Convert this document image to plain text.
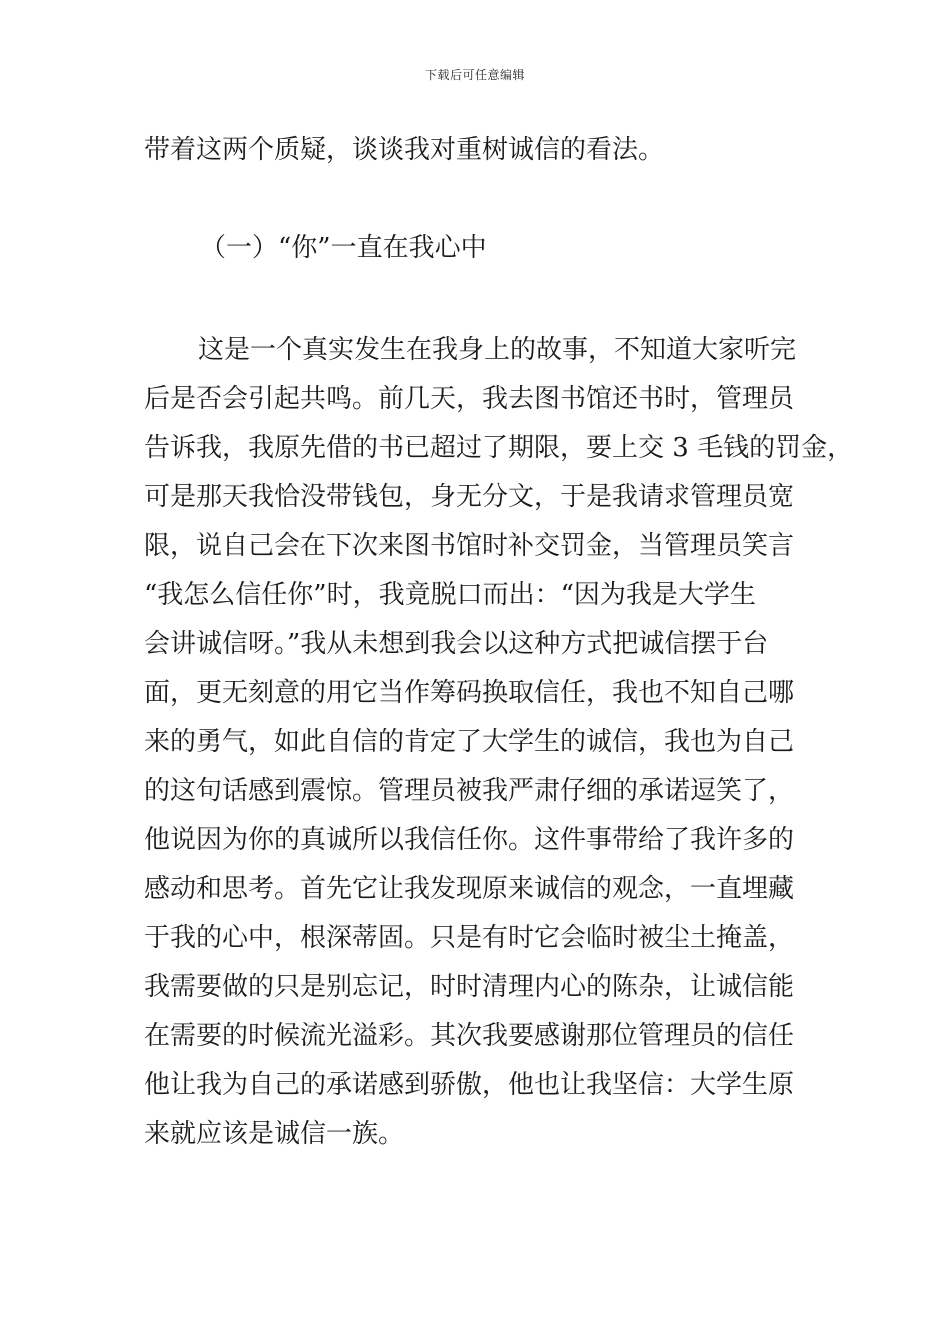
下载后可任意编辑
带着这两个质疑，谈谈我对重树诚信的看法。
（一）“你”一直在我心中
这是一个真实发生在我身上的故事，不知道大家听完
后是否会引起共鸣。前几天，我去图书馆还书时，管理员
告诉我，我原先借的书已超过了期限，要上交 3 毛钱的罚金，
可是那天我恰没带钱包，身无分文，于是我请求管理员宽
限，说自己会在下次来图书馆时补交罚金，当管理员笑言
“我怎么信任你”时，我竟脱口而出：“因为我是大学生
会讲诚信呀。”我从未想到我会以这种方式把诚信摆于台
面，更无刻意的用它当作筹码换取信任，我也不知自己哪
来的勇气，如此自信的肯定了大学生的诚信，我也为自己
的这句话感到震惊。管理员被我严肃仔细的承诺逗笑了，
他说因为你的真诚所以我信任你。这件事带给了我许多的
感动和思考。首先它让我发现原来诚信的观念，一直埋藏
于我的心中，根深蒂固。只是有时它会临时被尘土掩盖，
我需要做的只是别忘记，时时清理内心的陈杂，让诚信能
在需要的时候流光溢彩。其次我要感谢那位管理员的信任
他让我为自己的承诺感到骄傲，他也让我坚信：大学生原
来就应该是诚信一族。
